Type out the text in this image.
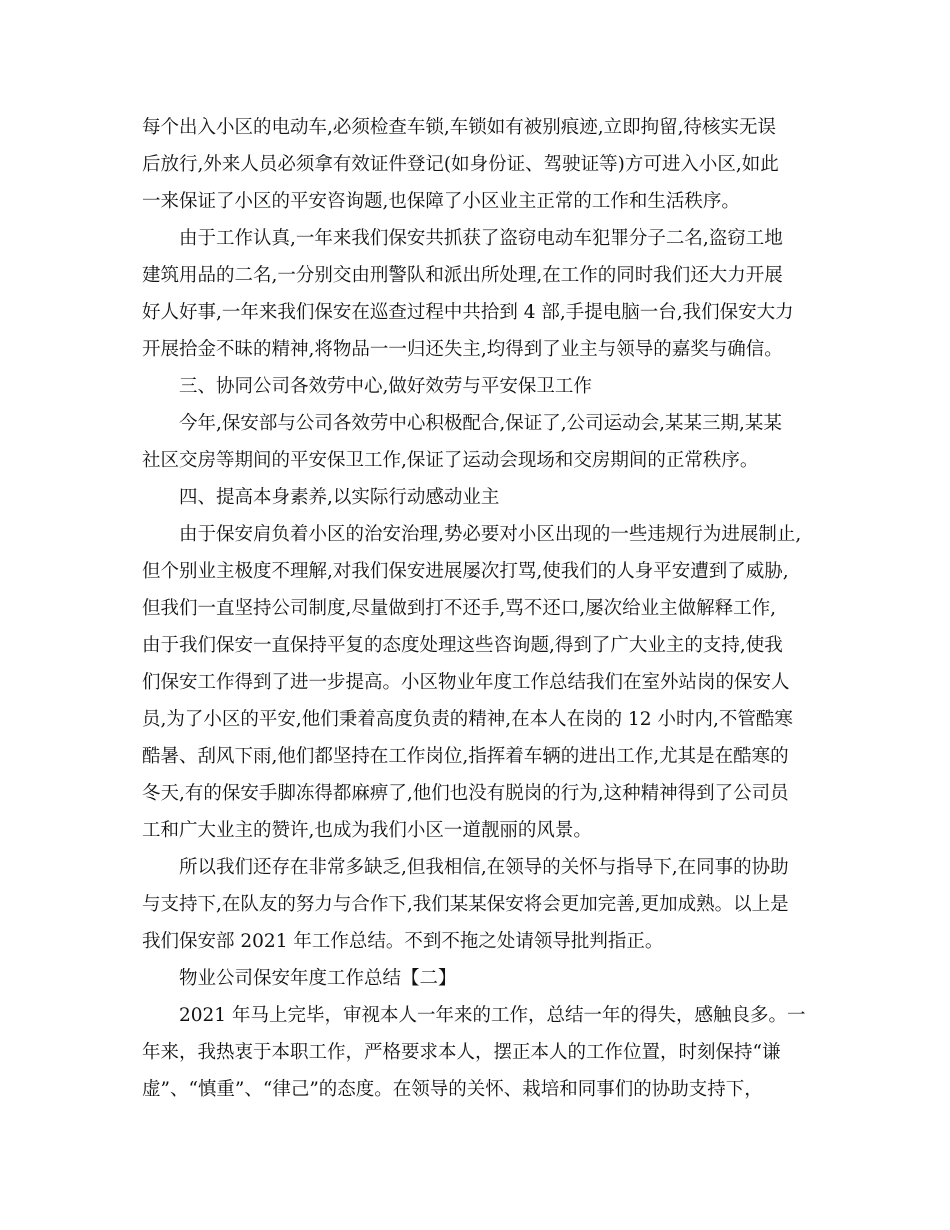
每个出入小区的电动车,必须检查车锁,车锁如有被别痕迹,立即拘留,待核实无误
后放行,外来人员必须拿有效证件登记(如身份证、驾驶证等)方可进入小区,如此
一来保证了小区的平安咨询题,也保障了小区业主正常的工作和生活秩序。
由于工作认真,一年来我们保安共抓获了盗窃电动车犯罪分子二名,盗窃工地
建筑用品的二名,一分别交由刑警队和派出所处理,在工作的同时我们还大力开展
好人好事,一年来我们保安在巡查过程中共拾到 4 部,手提电脑一台,我们保安大力
开展拾金不昧的精神,将物品一一归还失主,均得到了业主与领导的嘉奖与确信。
三、协同公司各效劳中心,做好效劳与平安保卫工作
今年,保安部与公司各效劳中心积极配合,保证了,公司运动会,某某三期,某某
社区交房等期间的平安保卫工作,保证了运动会现场和交房期间的正常秩序。
四、提高本身素养,以实际行动感动业主
由于保安肩负着小区的治安治理,势必要对小区出现的一些违规行为进展制止,
但个别业主极度不理解,对我们保安进展屡次打骂,使我们的人身平安遭到了威胁,
但我们一直坚持公司制度,尽量做到打不还手,骂不还口,屡次给业主做解释工作,
由于我们保安一直保持平复的态度处理这些咨询题,得到了广大业主的支持,使我
们保安工作得到了进一步提高。小区物业年度工作总结我们在室外站岗的保安人
员,为了小区的平安,他们秉着高度负责的精神,在本人在岗的 12 小时内,不管酷寒
酷暑、刮风下雨,他们都坚持在工作岗位,指挥着车辆的进出工作,尤其是在酷寒的
冬天,有的保安手脚冻得都麻痹了,他们也没有脱岗的行为,这种精神得到了公司员
工和广大业主的赞许,也成为我们小区一道靓丽的风景。
所以我们还存在非常多缺乏,但我相信,在领导的关怀与指导下,在同事的协助
与支持下,在队友的努力与合作下,我们某某保安将会更加完善,更加成熟。以上是
我们保安部 2021 年工作总结。不到不拖之处请领导批判指正。
物业公司保安年度工作总结【二】
2021 年马上完毕，审视本人一年来的工作，总结一年的得失，感触良多。一
年来，我热衷于本职工作，严格要求本人，摆正本人的工作位置，时刻保持“谦
虚”、“慎重”、“律己”的态度。在领导的关怀、栽培和同事们的协助支持下，
